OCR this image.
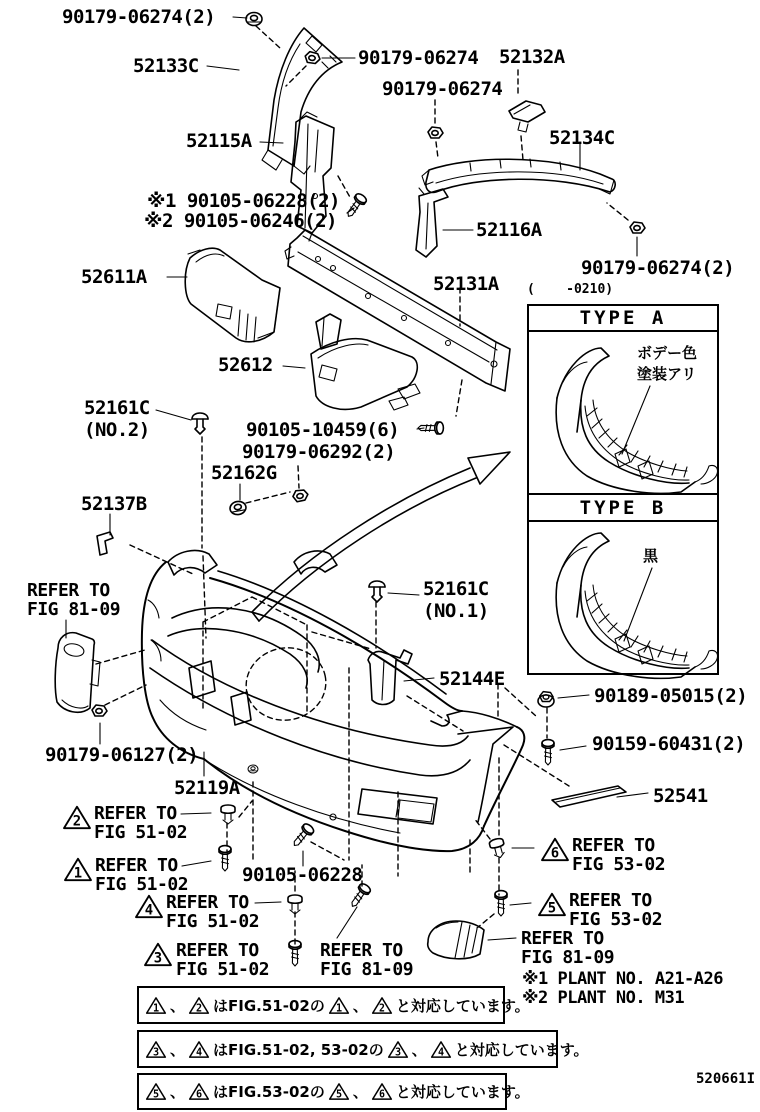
90179-06274(2)
52133C	90179-06274 52132A
90179-06274
52115A	52134C
※1 90105-06228(2)
※2 90105-06246(2)	52116A
90179-06274(2)
52611A	52131A
52612
52161C
(NO.2)	90105-10459(6)
90179-06292(2)
52162G
52137B
52161C
(NO.1)
52144E
90189-05015(2)
90159-60431(2)
90179-06127(2)
52119A	52541
90105-06228
REFER TO
FIG 81-09
2 REFER TO
FIG 51-02
1 REFER TO
FIG 51-02
4 REFER TO
FIG 51-02
3 REFER TO
FIG 51-02
REFER TO
FIG 81-09
6 REFER TO
FIG 53-02
5 REFER TO
FIG 53-02
REFER TO
FIG 81-09
(    -0210)
TYPE A
TYPE B
ボデー色
塗装アリ
黒
※1 PLANT NO. A21-A26
※2 PLANT NO. M31
520661I
1 、 2 はFIG.51-02の 1 、 2 と対応しています。
3 、 4 はFIG.51-02, 53-02の 3 、 4 と対応しています。
5 、 6 はFIG.53-02の 5 、 6 と対応しています。
